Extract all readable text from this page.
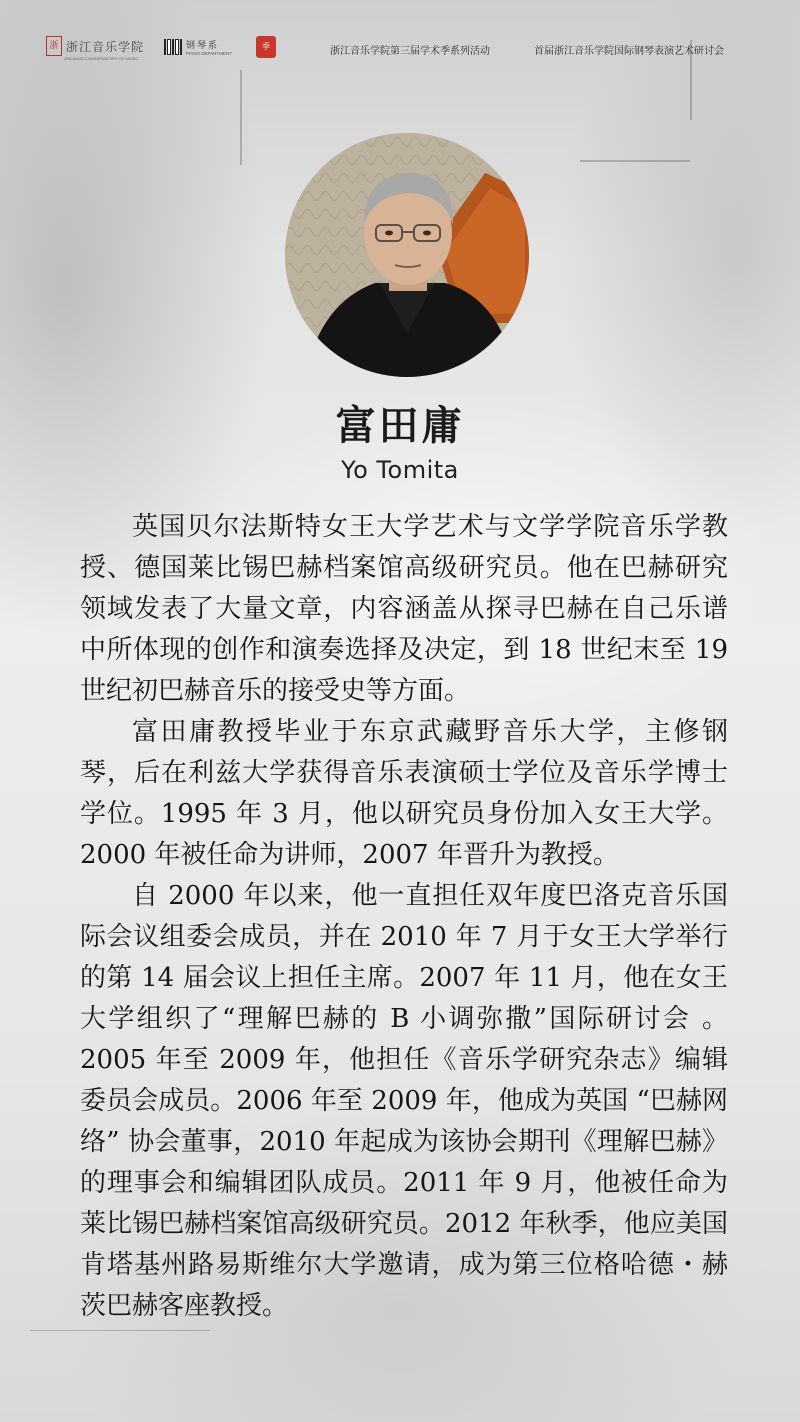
浙 浙江音乐学院
ZHEJIANG CONSERVATORY OF MUSIC
钢琴系
PIANO DEPARTMENT
季	浙江音乐学院第三届学术季系列活动	首届浙江音乐学院国际钢琴表演艺术研讨会
富田庸
Yo Tomita

英国贝尔法斯特女王大学艺术与文学学院音乐学教授、德国莱比锡巴赫档案馆高级研究员。他在巴赫研究领域发表了大量文章，内容涵盖从探寻巴赫在自己乐谱中所体现的创作和演奏选择及决定，到 18 世纪末至 19 世纪初巴赫音乐的接受史等方面。

富田庸教授毕业于东京武藏野音乐大学，主修钢琴，后在利兹大学获得音乐表演硕士学位及音乐学博士学位。1995 年 3 月，他以研究员身份加入女王大学。2000 年被任命为讲师，2007 年晋升为教授。

自 2000 年以来，他一直担任双年度巴洛克音乐国际会议组委会成员，并在 2010 年 7 月于女王大学举行的第 14 届会议上担任主席。2007 年 11 月，他在女王大学组织了“理解巴赫的 B 小调弥撒”国际研讨会 。2005 年至 2009 年，他担任《音乐学研究杂志》编辑委员会成员。2006 年至 2009 年，他成为英国 “巴赫网络” 协会董事，2010 年起成为该协会期刊《理解巴赫》的理事会和编辑团队成员。2011 年 9 月，他被任命为莱比锡巴赫档案馆高级研究员。2012 年秋季，他应美国肯塔基州路易斯维尔大学邀请，成为第三位格哈德・赫茨巴赫客座教授。
